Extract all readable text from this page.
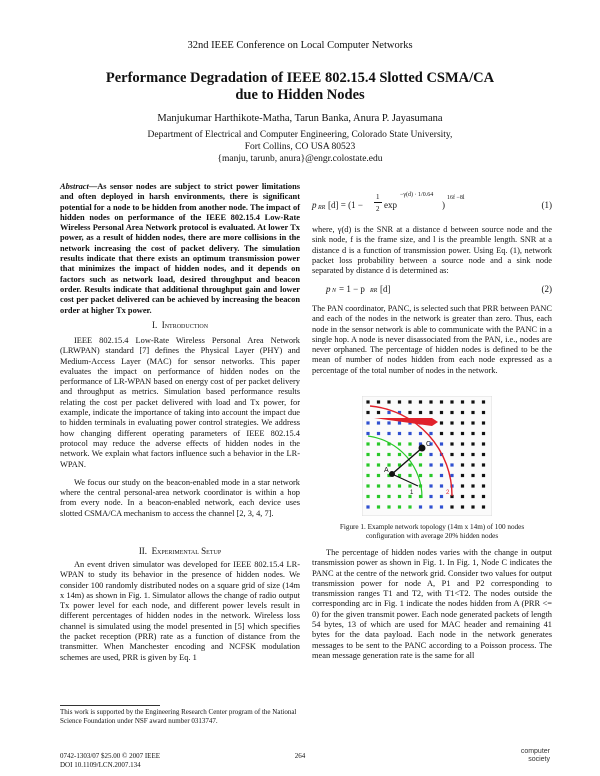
32nd IEEE Conference on Local Computer Networks
Performance Degradation of IEEE 802.15.4 Slotted CSMA/CA
due to Hidden Nodes
Manjukumar Harthikote-Matha, Tarun Banka, Anura P. Jayasumana
Department of Electrical and Computer Engineering, Colorado State University,
Fort Collins, CO USA 80523
{manju, tarunb, anura}@engr.colostate.edu

Abstract—As sensor nodes are subject to strict power limitations and often deployed in harsh environments, there is significant potential for a node to be hidden from another node. The impact of hidden nodes on performance of the IEEE 802.15.4 Low-Rate Wireless Personal Area Network protocol is evaluated. At lower Tx power, as a result of hidden nodes, there are more collisions in the network increasing the cost of packet delivery. The simulation results indicate that there exists an optimum transmission power that minimizes the impact of hidden nodes, and it depends on factors such as network load, desired throughput and beacon order. Results indicate that additional throughput gain and lower cost per packet delivered can be achieved by increasing the beacon order at higher Tx power.

I. Introduction

IEEE 802.15.4 Low-Rate Wireless Personal Area Network (LRWPAN) standard [7] defines the Physical Layer (PHY) and Medium-Access Layer (MAC) for sensor networks. This paper evaluates the impact on performance of hidden nodes on the performance of LR-WPAN based on energy cost of per packet delivery and throughput as metrics. Simulation based performance results relating the cost per packet delivered with load and Tx power, for example, indicate the importance of taking into account the impact due to hidden terminals in evaluating power control strategies. We address how changing different operating parameters of IEEE 802.15.4 protocol may reduce the adverse effects of hidden nodes in the network. We explain what factors influence such a behavior in the LR-WPAN.

We focus our study on the beacon-enabled mode in a star network where the central personal-area network coordinator is within a hop from every node. In a beacon-enabled network, each device uses slotted CSMA/CA mechanism to access the channel [2, 3, 4, 7].

II. Experimental Setup

An event driven simulator was developed for IEEE 802.15.4 LR-WPAN to study its behavior in the presence of hidden nodes. We consider 100 randomly distributed nodes on a square grid of size (14m x 14m) as shown in Fig. 1. Simulator allows the change of radio output Tx power level for each node, and different power levels result in different percentages of hidden nodes in the network. Wireless loss channel is simulated using the model presented in [5] which specifies the packet reception (PRR) rate as a function of distance from the transmitter. When Manchester encoding and NCFSK modulation schemes are used, PRR is given by Eq. 1

This work is supported by the Engineering Research Center program of the National Science Foundation under NSF award number 0313747.
p RR [d] = (1 −
1
2 exp
−γ(d) · 1/0.64
)
16f −8l
(1)
where, γ(d) is the SNR at a distance d between source node and the sink node, f is the frame size, and l is the preamble length. SNR at a distance d is a function of transmission power. Using Eq. (1), network packet loss probability between a source node and a sink node separated by distance d is determined as:
p N = 1 − p RR [d]	(2)
The PAN coordinator, PANC, is selected such that PRR between PANC and each of the nodes in the network is greater than zero. Thus, each node in the sensor network is able to communicate with the PANC in a single hop. A node is never disassociated from the PAN, i.e., nodes are never orphaned. The percentage of hidden nodes is defined to be the mean of number of nodes hidden from each node expressed as a percentage of the total number of nodes in the network.
C
A
1	2
Figure 1. Example network topology (14m x 14m) of 100 nodes
configuration with average 20% hidden nodes

The percentage of hidden nodes varies with the change in output transmission power as shown in Fig. 1. In Fig. 1, Node C indicates the PANC at the centre of the network grid. Consider two values for output transmission power for node A, P1 and P2 corresponding to transmission ranges T1 and T2, with T1<T2. The nodes outside the corresponding arc in Fig. 1 indicate the nodes hidden from A (PRR <= 0) for the given transmit power. Each node generated packets of length 54 bytes, 13 of which are used for MAC header and remaining 41 bytes for the data payload. Each node in the network generates messages to be sent to the PANC according to a Poisson process. The mean message generation rate is the same for all

0742-1303/07 $25.00 © 2007 IEEE
DOI 10.1109/LCN.2007.134
264
computer
society
